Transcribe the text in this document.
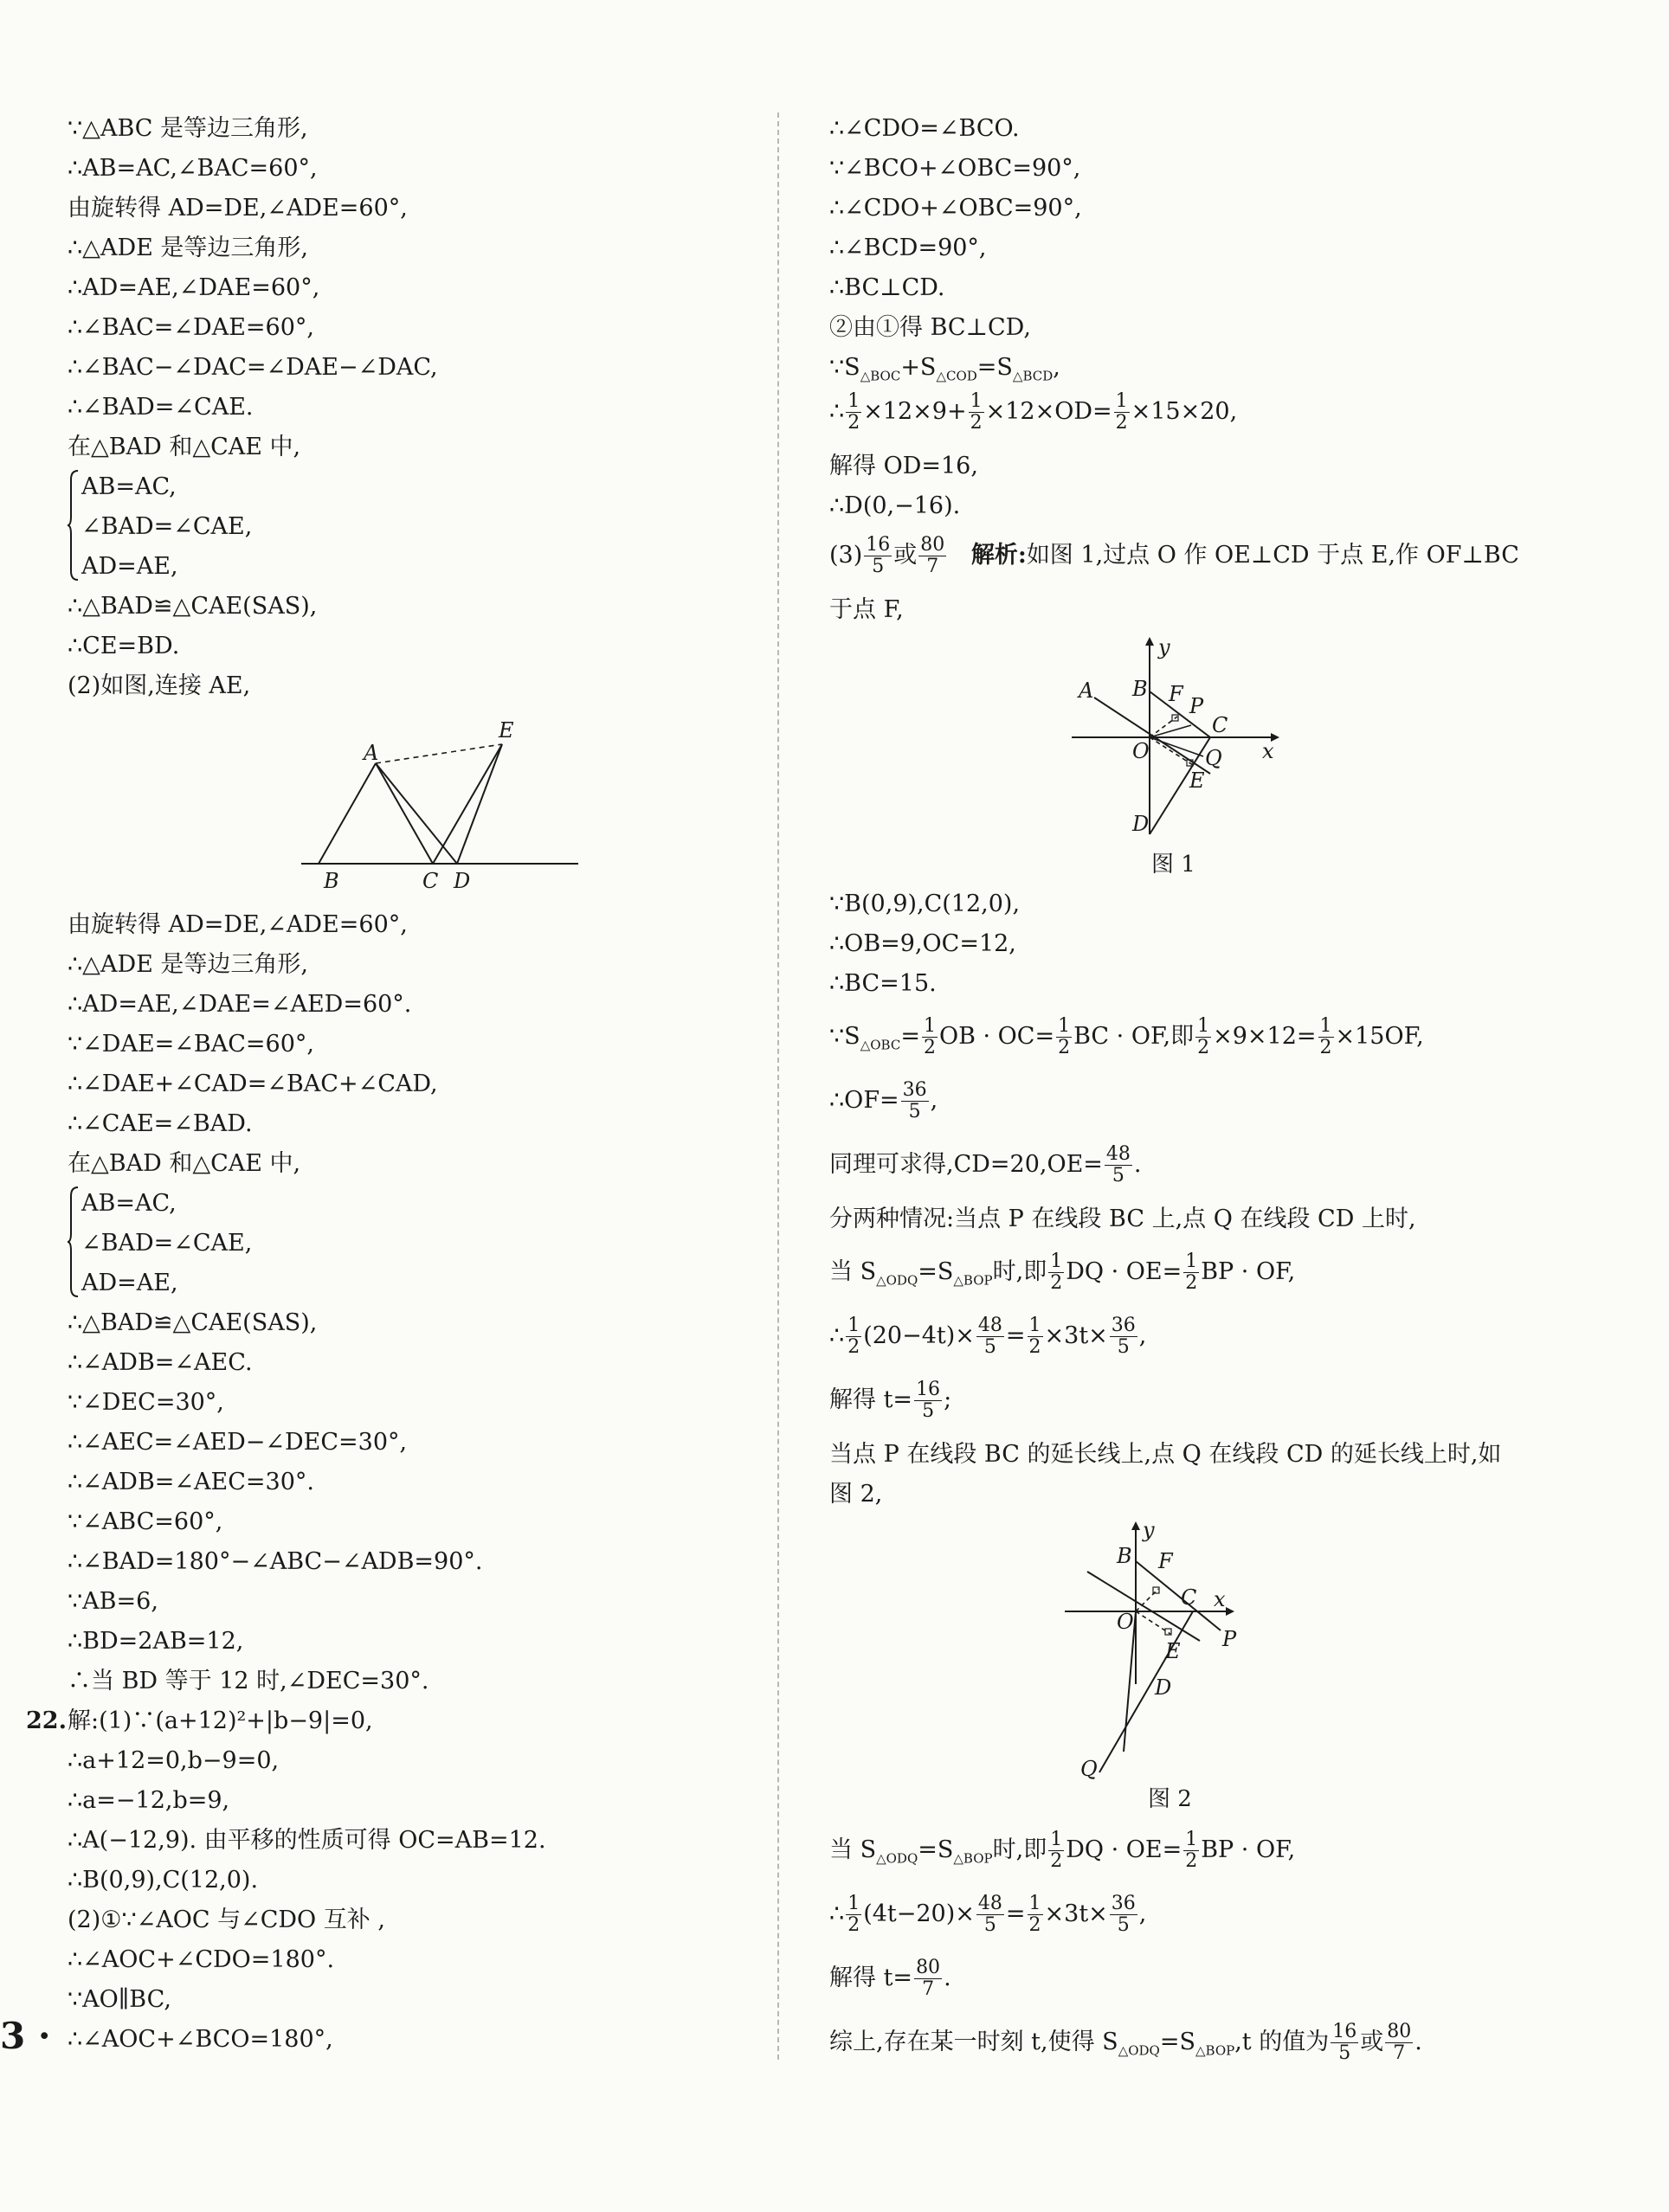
∵△ABC 是等边三角形,
∴AB=AC,∠BAC=60°,
由旋转得 AD=DE,∠ADE=60°,
∴△ADE 是等边三角形,
∴AD=AE,∠DAE=60°,
∴∠BAC=∠DAE=60°,
∴∠BAC−∠DAC=∠DAE−∠DAC,
∴∠BAD=∠CAE.
在△BAD 和△CAE 中,
AB=AC,
∠BAD=∠CAE,
AD=AE,
∴△BAD≌△CAE(SAS),
∴CE=BD.
(2)如图,连接 AE,
A
B	C D
E
由旋转得 AD=DE,∠ADE=60°,
∴△ADE 是等边三角形,
∴AD=AE,∠DAE=∠AED=60°.
∵∠DAE=∠BAC=60°,
∴∠DAE+∠CAD=∠BAC+∠CAD,
∴∠CAE=∠BAD.
在△BAD 和△CAE 中,
AB=AC,
∠BAD=∠CAE,
AD=AE,
∴△BAD≌△CAE(SAS),
∴∠ADB=∠AEC.
∵∠DEC=30°,
∴∠AEC=∠AED−∠DEC=30°,
∴∠ADB=∠AEC=30°.
∵∠ABC=60°,
∴∠BAD=180°−∠ABC−∠ADB=90°.
∵AB=6,
∴BD=2AB=12,
∴当 BD 等于 12 时,∠DEC=30°.
22. 解:(1)∵(a+12)²+|b−9|=0,
∴a+12=0,b−9=0,
∴a=−12,b=9,
∴A(−12,9). 由平移的性质可得 OC=AB=12.
∴B(0,9),C(12,0).
(2)①∵∠AOC 与∠CDO 互补 ,
∴∠AOC+∠CDO=180°.
∵AO∥BC,
∴∠AOC+∠BCO=180°,
∴∠CDO=∠BCO.
∵∠BCO+∠OBC=90°,
∴∠CDO+∠OBC=90°,
∴∠BCD=90°,
∴BC⊥CD.
②由①得 BC⊥CD,
$\because S_{\triangle BOC}+S_{\triangle COD}=S_{\triangle BCD}$,
∴ $\frac{1}{2} \times 12\times 9+ \frac{1}{2} \times 12\times OD= \frac{1}{2} \times 15\times 20$,
解得 OD=16,
∴D(0,−16).
$(3) \frac{16}{5}$ 或 $\frac{80}{7}$ 解析:如图 1,过点 O 作 OE⊥CD 于点 E,作 OF⊥BC
于点 F,
A B F P
C
O	Q
E
D
x
y
图 1
∵B(0,9),C(12,0),
∴OB=9,OC=12,
∴BC=15.
$\because S_{\triangle OBC}= \frac{1}{2}$ OB · $OC= \frac{1}{2}$ BC · OF,即 $\frac{1}{2} \times 9\times 12= \frac{1}{2} \times 15OF$,
∴OF= $\frac{36}{5}$ ,
同理可求得$,CD=20,OE= \frac{48}{5}$ .
分两种情况:当点 P 在线段 BC 上,点 Q 在线段 CD 上时,
当 $S_{\triangle ODQ}=S_{\triangle BOP}$时,即 $\frac{1}{2}$ DQ · $OE= \frac{1}{2}$ BP · OF,
∴ $\frac{1}{2} (20-4t)\times \frac{48}{5} = \frac{1}{2} \times 3t\times \frac{36}{5}$ ,
解得 $t= \frac{16}{5}$ ;
当点 P 在线段 BC 的延长线上,点 Q 在线段 CD 的延长线上时,如
图 2,
B F
C x
y
O
P
E
D
Q
图 2
当 $S_{\triangle ODQ}=S_{\triangle BOP}$时,即 $\frac{1}{2}$ DQ · $OE= \frac{1}{2}$ BP · OF,
∴ $\frac{1}{2} (4t-20)\times \frac{48}{5} = \frac{1}{2} \times 3t\times \frac{36}{5}$ ,
解得 $t= \frac{80}{7}$ .
综上,存在某一时刻 t,使得 $S_{\triangle ODQ}=S_{\triangle BOP},t$ 的值为 $\frac{16}{5}$ 或 $\frac{80}{7}$ .
3 ·
